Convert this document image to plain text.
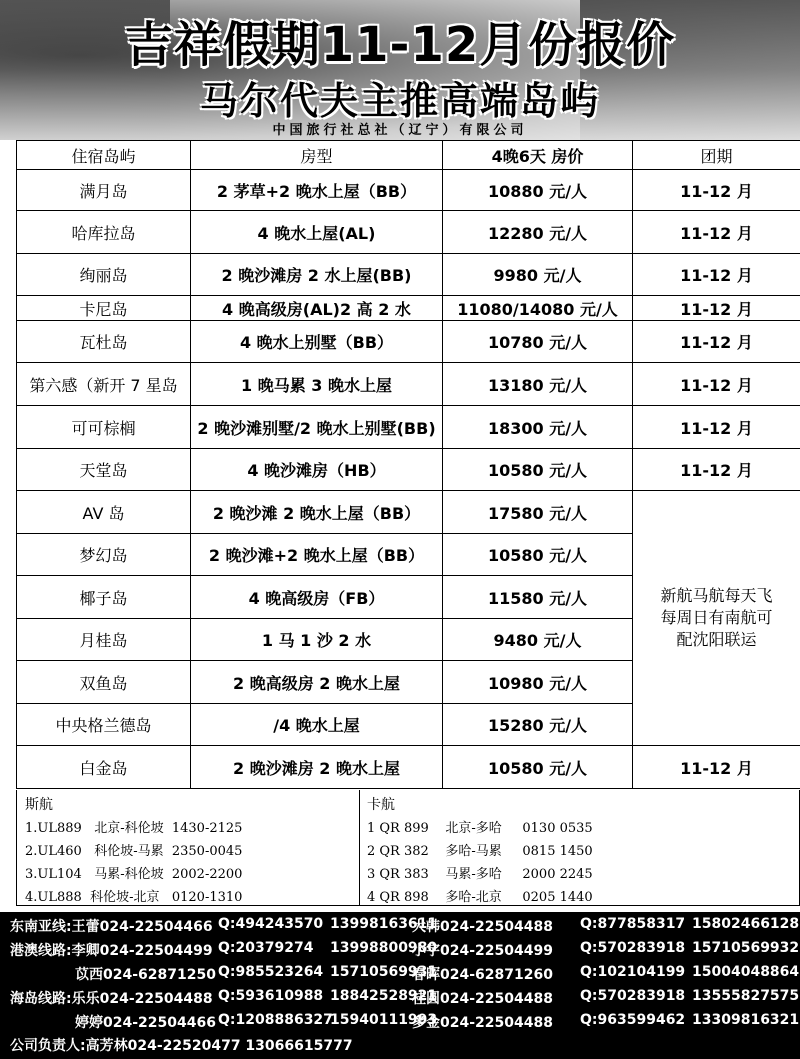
吉祥假期11-12月份报价
马尔代夫主推高端岛屿
中国旅行社总社（辽宁）有限公司
住宿岛屿	房型	4晚6天 房价	团期
满月岛	2 茅草+2 晚水上屋（BB）	10880 元/人	11-12 月
哈库拉岛	4 晚水上屋(AL)	12280 元/人	11-12 月
绚丽岛	2 晚沙滩房 2 水上屋(BB)	9980 元/人	11-12 月
卡尼岛	4 晚高级房(AL)2 高 2 水	11080/14080 元/人	11-12 月
瓦杜岛	4 晚水上别墅（BB）	10780 元/人	11-12 月
第六感（新开 7 星岛	1 晚马累 3 晚水上屋	13180 元/人	11-12 月
可可棕榈	2 晚沙滩别墅/2 晚水上别墅(BB)	18300 元/人	11-12 月
天堂岛	4 晚沙滩房（HB）	10580 元/人	11-12 月
AV 岛	2 晚沙滩 2 晚水上屋（BB）	17580 元/人	新航马航每天飞
每周日有南航可
配沈阳联运

梦幻岛	2 晚沙滩+2 晚水上屋（BB）	10580 元/人	
椰子岛	4 晚高级房（FB）	11580 元/人	
月桂岛	1 马 1 沙 2 水	9480 元/人	
双鱼岛	2 晚高级房 2 晚水上屋	10980 元/人	
中央格兰德岛	/4 晚水上屋	15280 元/人	
白金岛	2 晚沙滩房 2 晚水上屋	10580 元/人	11-12 月
斯航
1.UL889   北京-科伦坡  1430-2125
2.UL460   科伦坡-马累  2350-0045
3.UL104   马累-科伦坡  2002-2200
4.UL888  科伦坡-北京   0120-1310
卡航
1 QR 899    北京-多哈     0130 0535
2 QR 382    多哈-马累     0815 1450
3 QR 383    马累-多哈     2000 2245
4 QR 898    多哈-北京     0205 1440
公司负责人:高芳林024-22520477 13066615777
东南亚线:王蕾024-22504466 Q:494243570 13998163611
大韩024-22504488 Q:877858317 15802466128
港澳线路:李卿024-22504499 Q:20379274 13998800980
小宇024-22504499 Q:570283918 15710569932
苡西024-62871250 Q:985523264 15710569931
春晖024-62871260 Q:102104199 15004048864
海岛线路:乐乐024-22504488 Q:593610988 18842528921
桂圆024-22504488 Q:570283918 13555827575
婷婷024-22504466 Q:1208886327
15940111993
多金024-22504488 Q:963599462 13309816321
